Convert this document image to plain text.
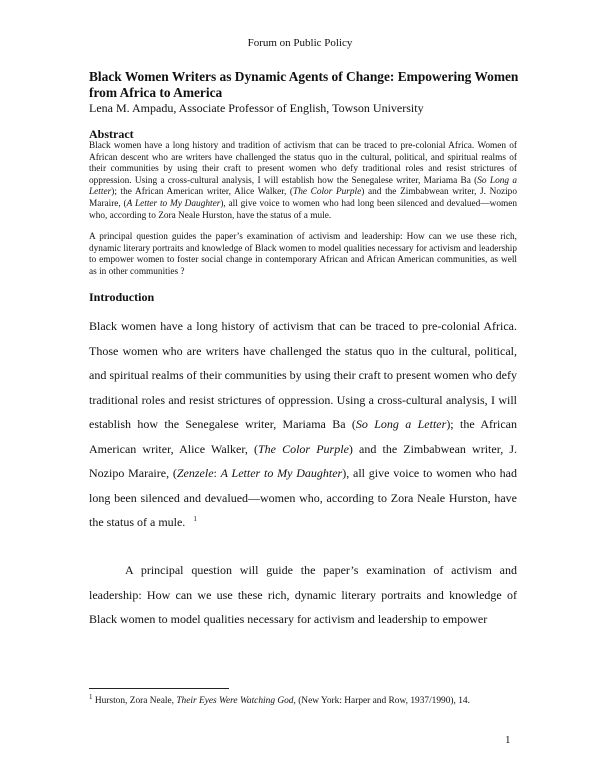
Forum on Public Policy
Black Women Writers as Dynamic Agents of Change: Empowering Women from Africa to America
Lena M. Ampadu, Associate Professor of English, Towson University
Abstract

Black women have a long history and tradition of activism that can be traced to pre-colonial Africa. Women of African descent who are writers have challenged the status quo in the cultural, political, and spiritual realms of their communities by using their craft to present women who defy traditional roles and resist strictures of oppression. Using a cross-cultural analysis, I will establish how the Senegalese writer, Mariama Ba (So Long a Letter); the African American writer, Alice Walker, (The Color Purple) and the Zimbabwean writer, J. Nozipo Maraire, (A Letter to My Daughter), all give voice to women who had long been silenced and devalued—women who, according to Zora Neale Hurston, have the status of a mule.

A principal question guides the paper’s examination of activism and leadership: How can we use these rich, dynamic literary portraits and knowledge of Black women to model qualities necessary for activism and leadership to empower women to foster social change in contemporary African and African American communities, as well as in other communities ?

Introduction

Black women have a long history of activism that can be traced to pre-colonial Africa. Those women who are writers have challenged the status quo in the cultural, political, and spiritual realms of their communities by using their craft to present women who defy traditional roles and resist strictures of oppression. Using a cross-cultural analysis, I will establish how the Senegalese writer, Mariama Ba (So Long a Letter); the African American writer, Alice Walker, (The Color Purple) and the Zimbabwean writer, J. Nozipo Maraire, (Zenzele: A Letter to My Daughter), all give voice to women who had long been silenced and devalued—women who, according to Zora Neale Hurston, have the status of a mule. $^1$

A principal question will guide the paper’s examination of activism and leadership: How can we use these rich, dynamic literary portraits and knowledge of Black women to model qualities necessary for activism and leadership to empower

$^1$ Hurston, Zora Neale, Their Eyes Were Watching God, (New York: Harper and Row, 1937/1990), 14.
1
